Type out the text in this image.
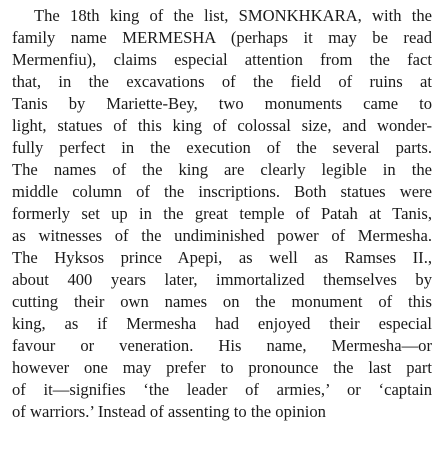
The 18th king of the list, SMONKHKARA, with the
family name MERMESHA (perhaps it may be read
Mermenfiu), claims especial attention from the fact
that, in the excavations of the field of ruins at
Tanis by Mariette-Bey, two monuments came to
light, statues of this king of colossal size, and wonder-
fully perfect in the execution of the several parts.
The names of the king are clearly legible in the
middle column of the inscriptions. Both statues were
formerly set up in the great temple of Patah at Tanis,
as witnesses of the undiminished power of Mermesha.
The Hyksos prince Apepi, as well as Ramses II.,
about 400 years later, immortalized themselves by
cutting their own names on the monument of this
king, as if Mermesha had enjoyed their especial
favour or veneration. His name, Mermesha—or
however one may prefer to pronounce the last part
of it—signifies ‘the leader of armies,’ or ‘captain
of warriors.’ Instead of assenting to the opinion
